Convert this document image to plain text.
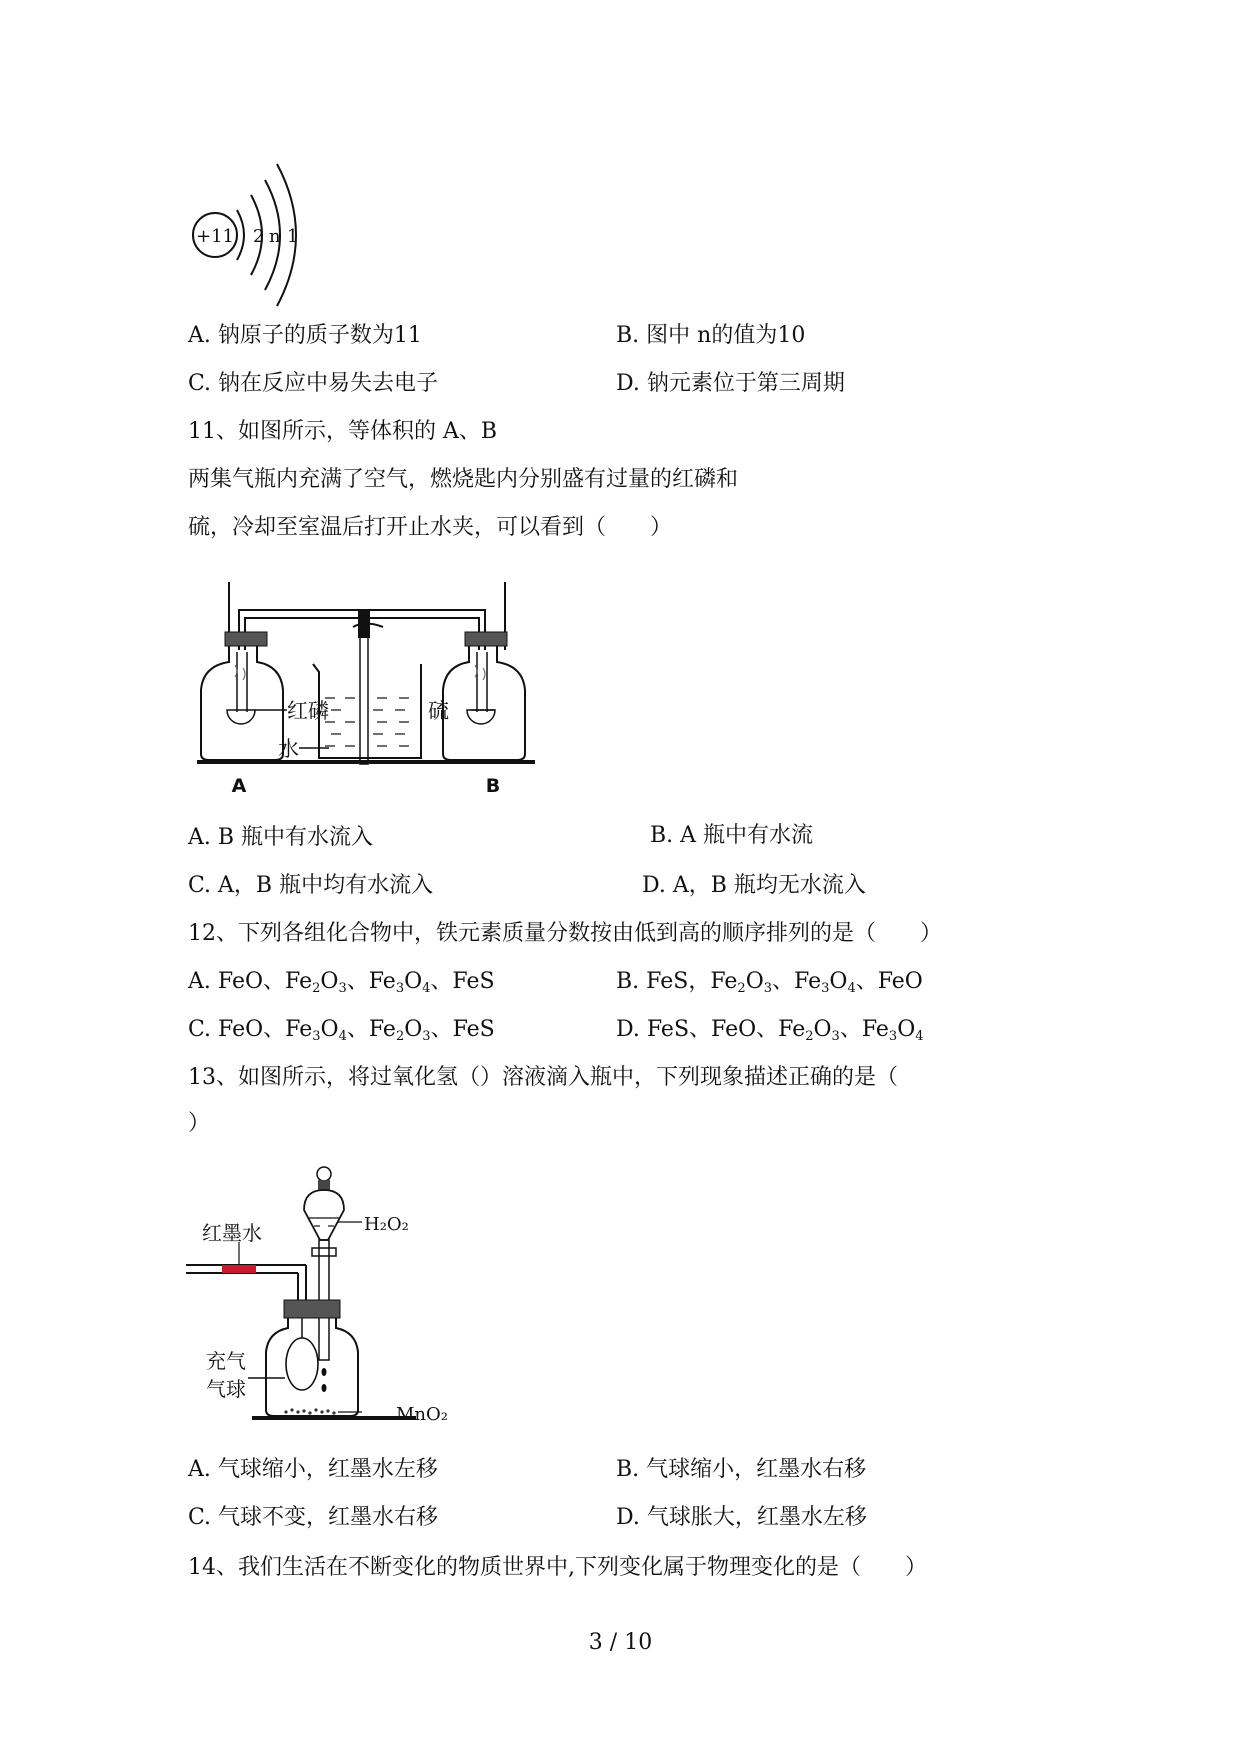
+11 2 n 1
A. 钠原子的质子数为11	B. 图中 n的值为10
C. 钠在反应中易失去电子	D. 钠元素位于第三周期
11、如图所示，等体积的 A、B
两集气瓶内充满了空气，燃烧匙内分别盛有过量的红磷和
硫，冷却至室温后打开止水夹，可以看到（　　）
红磷	硫
水
A	B
A. B 瓶中有水流入	B. A 瓶中有水流
C. A，B 瓶中均有水流入	D. A，B 瓶均无水流入
12、下列各组化合物中，铁元素质量分数按由低到高的顺序排列的是（　　）
A. FeO、$Fe_2O_3$、$Fe_3O_4$、FeS	B. FeS，$Fe_2O_3$、$Fe_3O_4$、FeO
C. FeO、$Fe_3O_4$、$Fe_2O_3$、FeS	D. FeS、FeO、$Fe_2O_3$、$Fe_3O_4$
13、如图所示，将过氧化氢（）溶液滴入瓶中，下列现象描述正确的是（
）
红墨水	H₂O₂
充气
气球
MnO₂
A. 气球缩小，红墨水左移	B. 气球缩小，红墨水右移
C. 气球不变，红墨水右移	D. 气球胀大，红墨水左移
14、我们生活在不断变化的物质世界中,下列变化属于物理变化的是（　　）
3 / 10
